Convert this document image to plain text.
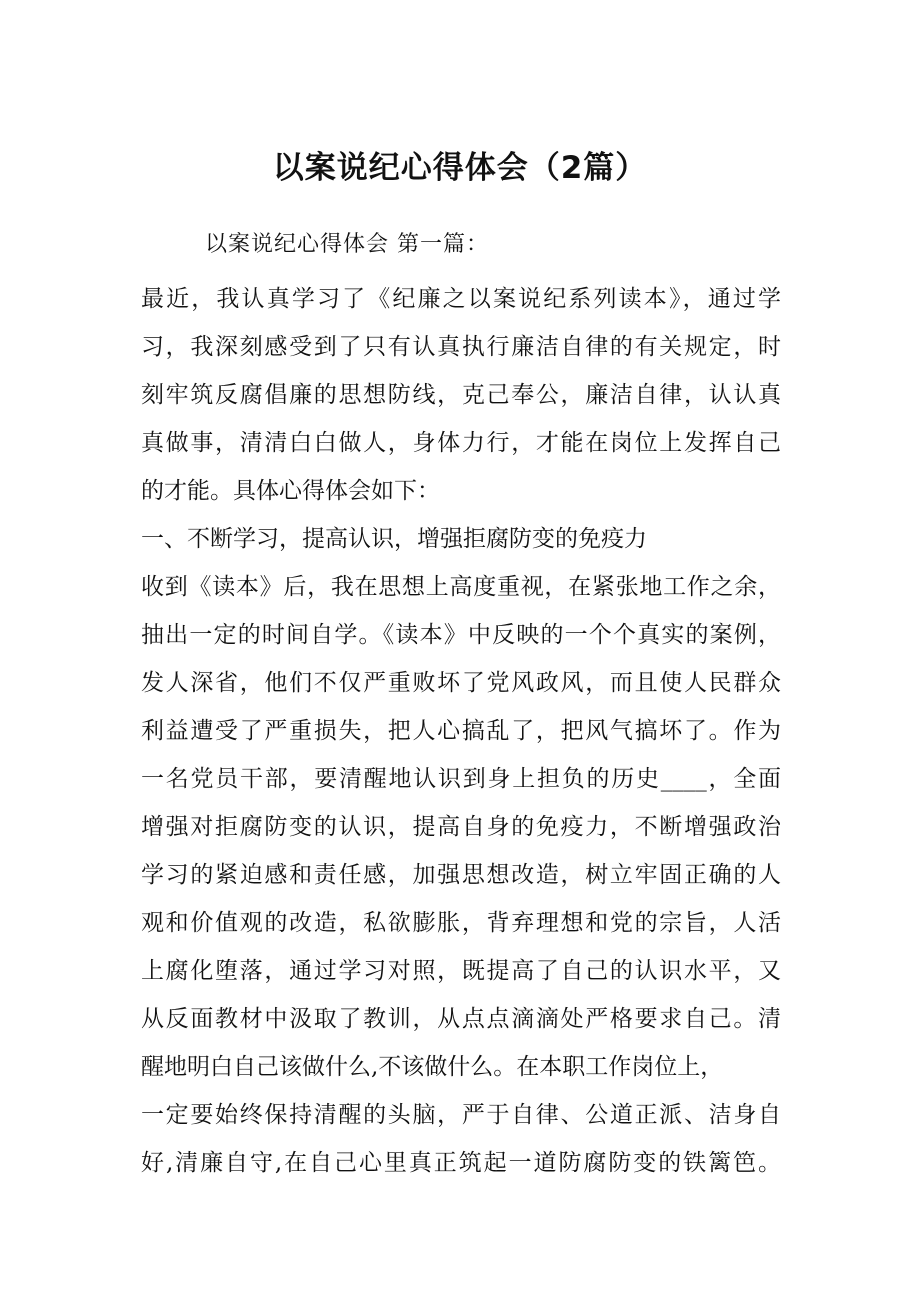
以案说纪心得体会（2篇）

以案说纪心得体会 第一篇：

最近，我认真学习了《纪廉之以案说纪系列读本》，通过学

习，我深刻感受到了只有认真执行廉洁自律的有关规定，时

刻牢筑反腐倡廉的思想防线，克己奉公，廉洁自律，认认真

真做事，清清白白做人，身体力行，才能在岗位上发挥自己

的才能。具体心得体会如下：

一、不断学习，提高认识，增强拒腐防变的免疫力

收到《读本》后，我在思想上高度重视，在紧张地工作之余，

抽出一定的时间自学。《读本》中反映的一个个真实的案例，

发人深省，他们不仅严重败坏了党风政风，而且使人民群众

利益遭受了严重损失，把人心搞乱了，把风气搞坏了。作为

一名党员干部，要清醒地认识到身上担负的历史____，全面

增强对拒腐防变的认识，提高自身的免疫力，不断增强政治

学习的紧迫感和责任感，加强思想改造，树立牢固正确的人

观和价值观的改造，私欲膨胀，背弃理想和党的宗旨，人活

上腐化堕落，通过学习对照，既提高了自己的认识水平，又

从反面教材中汲取了教训，从点点滴滴处严格要求自己。清

醒地明白自己该做什么,不该做什么。在本职工作岗位上，

一定要始终保持清醒的头脑，严于自律、公道正派、洁身自

好,清廉自守,在自己心里真正筑起一道防腐防变的铁篱笆。
